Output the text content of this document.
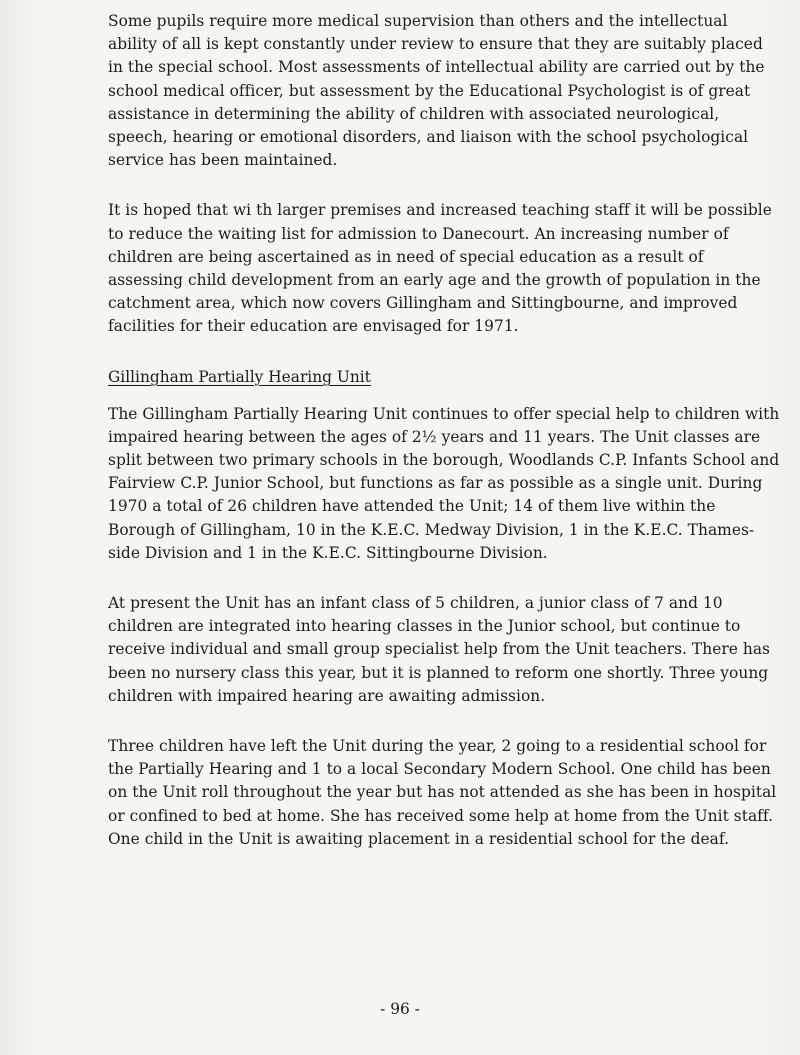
Some pupils require more medical supervision than others and the intellectual ability of all is kept constantly under review to ensure that they are suitably placed in the special school. Most assessments of intellectual ability are carried out by the school medical officer, but assessment by the Educational Psychologist is of great assistance in determining the ability of children with associated neurological, speech, hearing or emotional disorders, and liaison with the school psychological service has been maintained.

It is hoped that wi th larger premises and increased teaching staff it will be possible to reduce the waiting list for admission to Danecourt. An increasing number of children are being ascertained as in need of special education as a result of assessing child development from an early age and the growth of population in the catchment area, which now covers Gillingham and Sittingbourne, and improved facilities for their education are envisaged for 1971.

Gillingham Partially Hearing Unit

The Gillingham Partially Hearing Unit continues to offer special help to children with impaired hearing between the ages of 2½ years and 11 years. The Unit classes are split between two primary schools in the borough, Woodlands C.P. Infants School and Fairview C.P. Junior School, but functions as far as possible as a single unit. During 1970 a total of 26 children have attended the Unit; 14 of them live within the Borough of Gillingham, 10 in the K.E.C. Medway Division, 1 in the K.E.C. Thames-side Division and 1 in the K.E.C. Sittingbourne Division.

At present the Unit has an infant class of 5 children, a junior class of 7 and 10 children are integrated into hearing classes in the Junior school, but continue to receive individual and small group specialist help from the Unit teachers. There has been no nursery class this year, but it is planned to reform one shortly. Three young children with impaired hearing are awaiting admission.

Three children have left the Unit during the year, 2 going to a residential school for the Partially Hearing and 1 to a local Secondary Modern School. One child has been on the Unit roll throughout the year but has not attended as she has been in hospital or confined to bed at home. She has received some help at home from the Unit staff. One child in the Unit is awaiting placement in a residential school for the deaf.

- 96 -
